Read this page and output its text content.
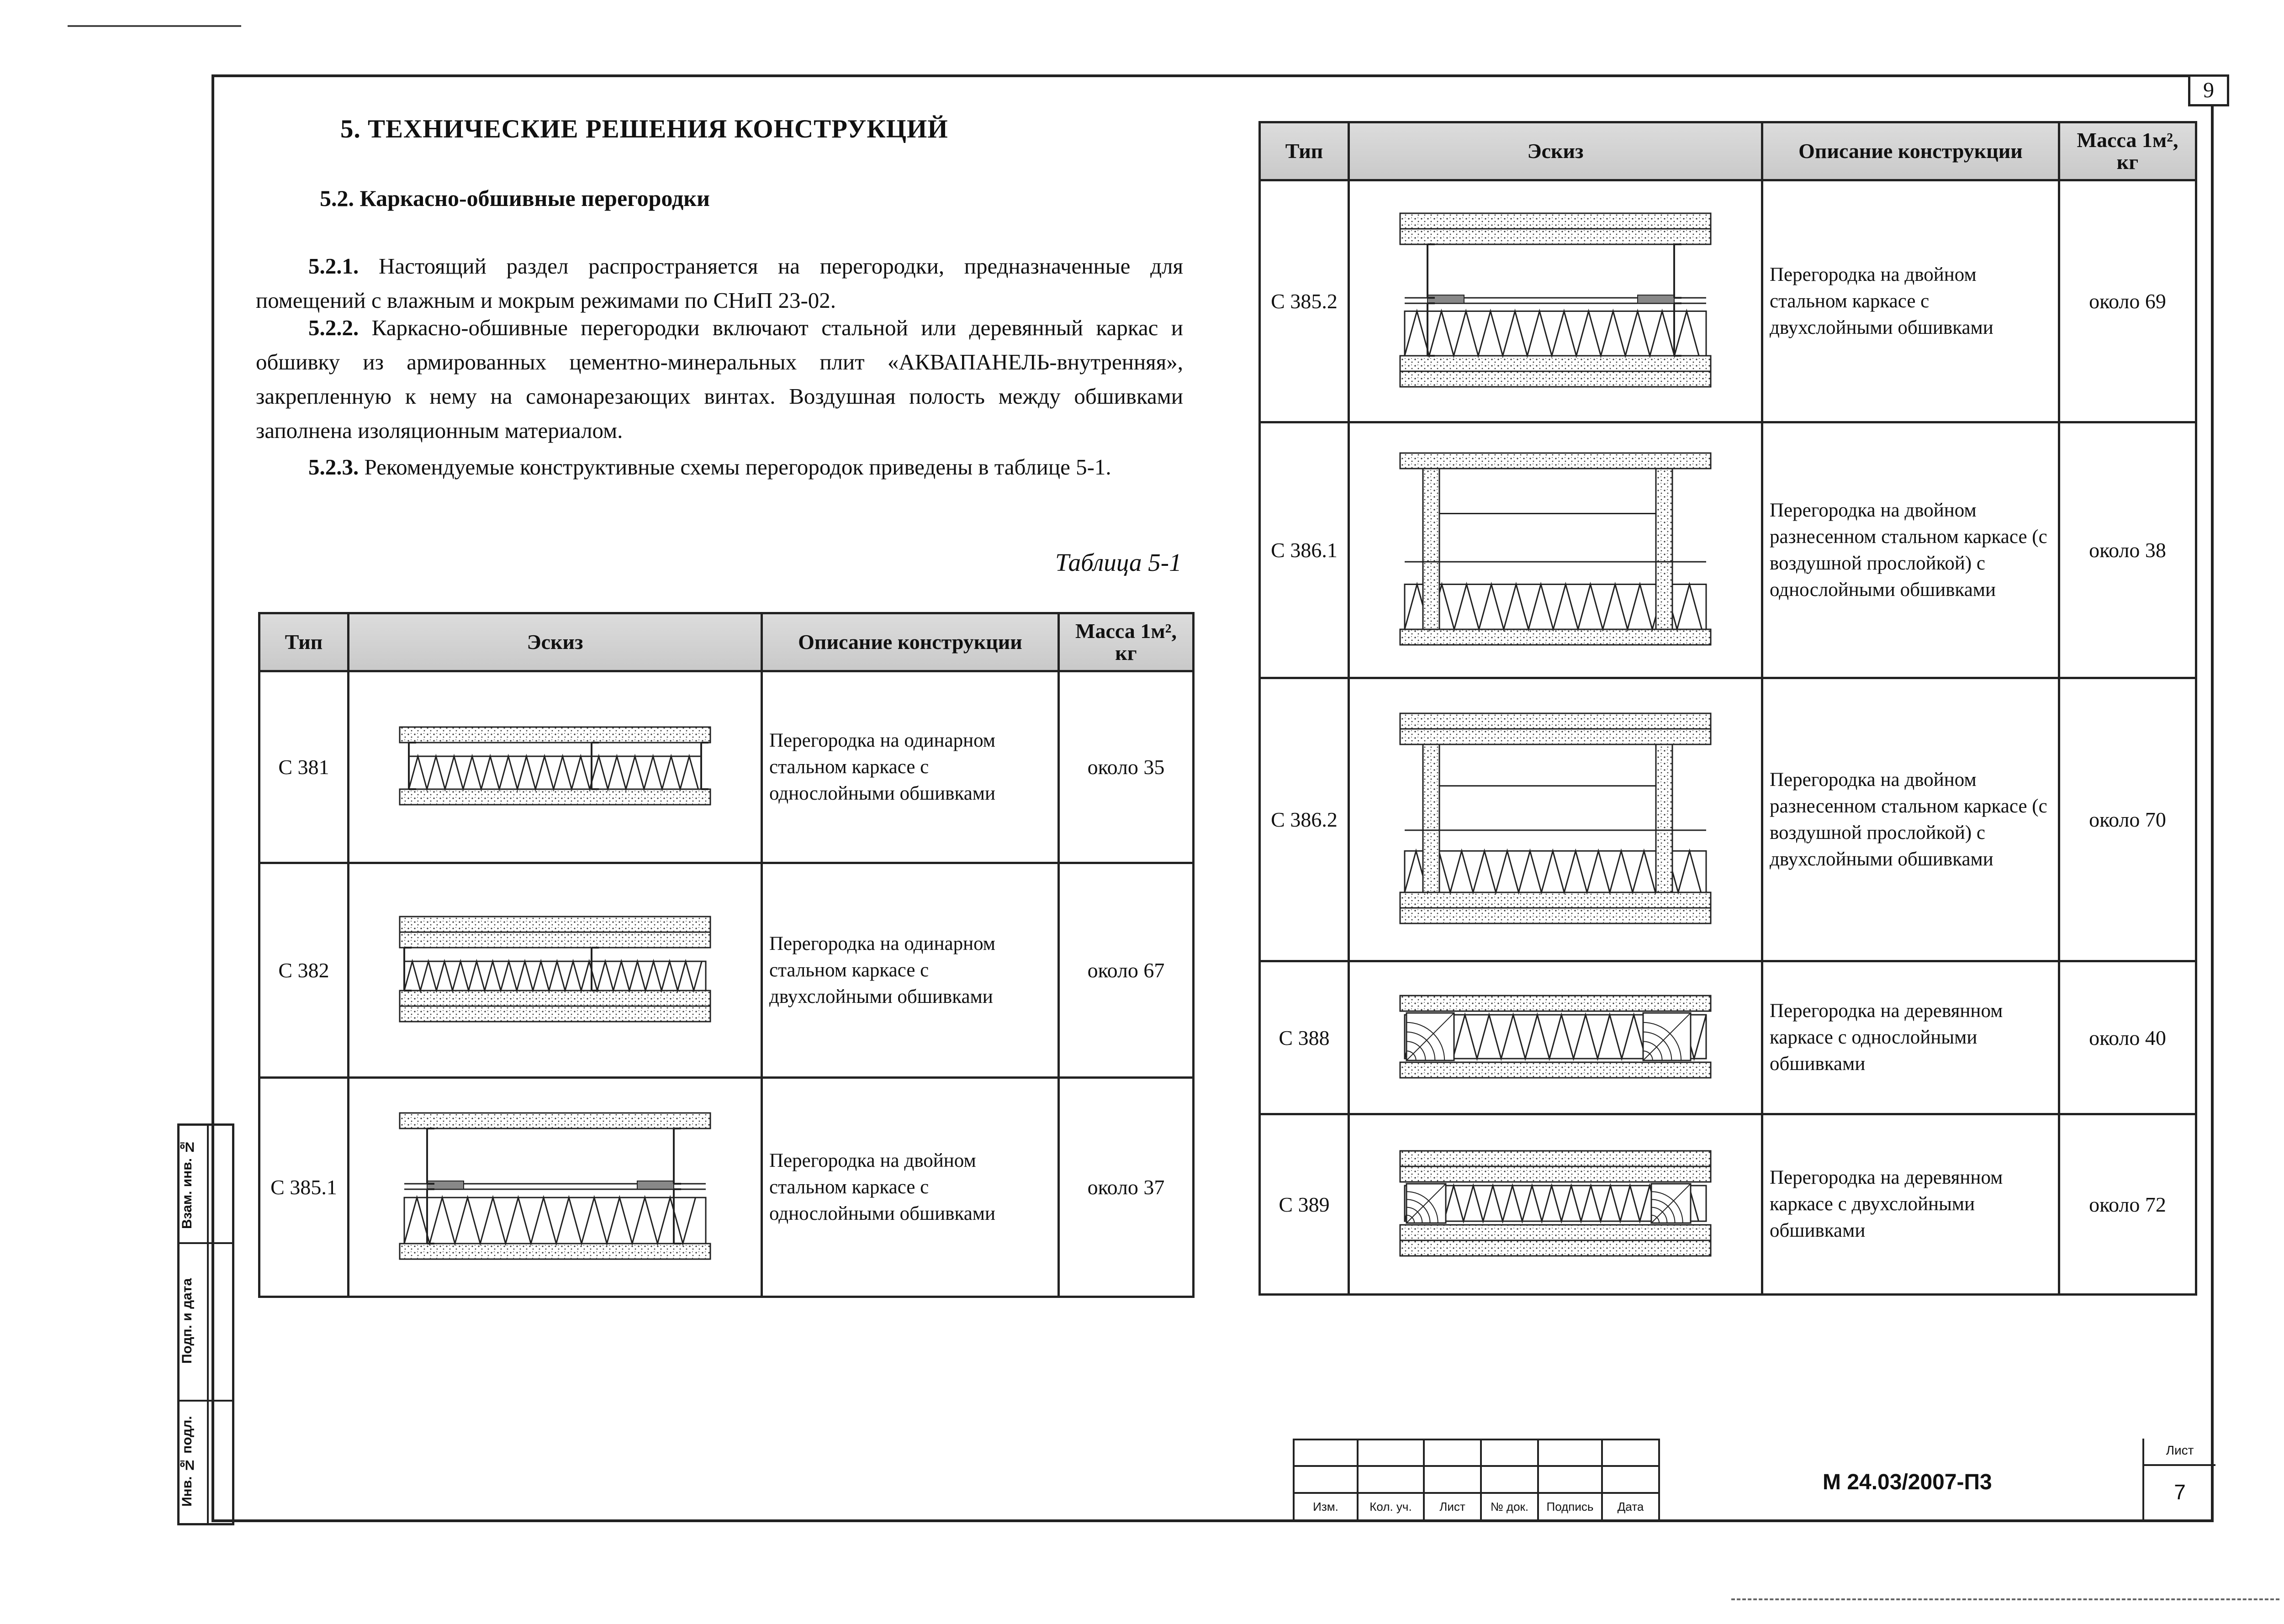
9
5. ТЕХНИЧЕСКИЕ РЕШЕНИЯ КОНСТРУКЦИЙ
5.2. Каркасно-обшивные перегородки
5.2.1. Настоящий раздел распространяется на перегородки, предназначенные для помещений с влажным и мокрым режимами по СНиП 23-02.
5.2.2. Каркасно-обшивные перегородки включают стальной или деревянный каркас и обшивку из армированных цементно-минеральных плит «АКВАПАНЕЛЬ-внутренняя», закрепленную к нему на самонарезающих винтах. Воздушная полость между обшивками заполнена изоляционным материалом.
5.2.3. Рекомендуемые конструктивные схемы перегородок приведены в таблице 5-1.
Таблица 5-1
Тип	Эскиз	Описание конструкции	Масса 1м²,
кг
С 381		Перегородка на одинарном стальном каркасе с однослойными обшивками	около 35
С 382		Перегородка на одинарном стальном каркасе с двухслойными обшивками	около 67
С 385.1		Перегородка на двойном стальном каркасе с однослойными обшивками	около 37
Тип	Эскиз	Описание конструкции	Масса 1м²,
кг
С 385.2		Перегородка на двойном стальном каркасе с двухслойными обшивками	около 69
С 386.1		Перегородка на двойном разнесенном стальном каркасе (с воздушной прослойкой) с однослойными обшивками	около 38
С 386.2		Перегородка на двойном разнесенном стальном каркасе (с воздушной прослойкой) с двухслойными обшивками	около 70
С 388		Перегородка на деревянном каркасе с однослойными обшивками	около 40
С 389		Перегородка на деревянном каркасе с двухслойными обшивками	около 72
Взам. инв. №
Подп. и дата
Инв. № подл.

						Изм.	Кол. уч.	Лист	№ док.	Подпись	Дата
М 24.03/2007-П3
Лист
7
